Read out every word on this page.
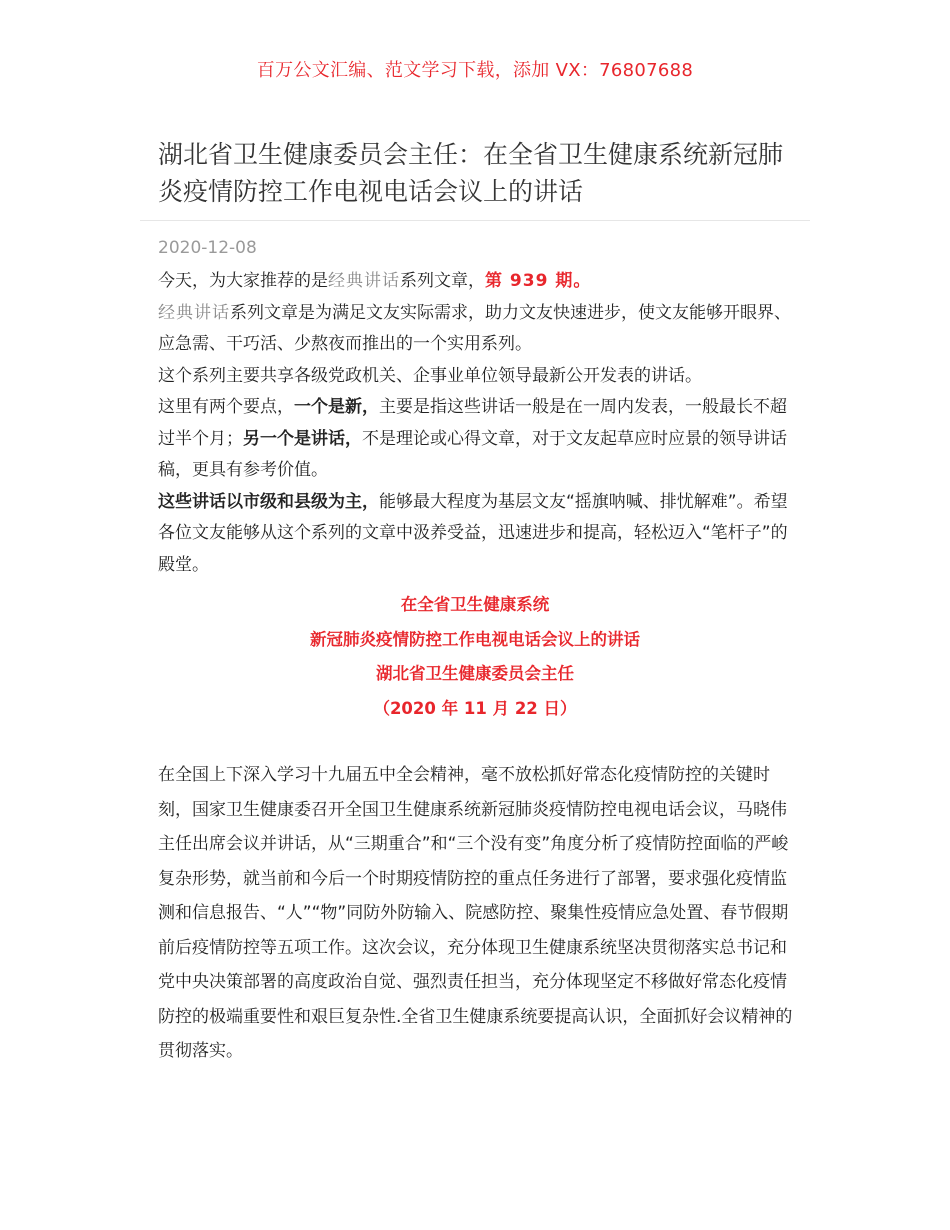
百万公文汇编、范文学习下载，添加 VX：76807688
湖北省卫生健康委员会主任：在全省卫生健康系统新冠肺炎疫情防控工作电视电话会议上的讲话
2020-12-08

今天，为大家推荐的是经典讲话系列文章，第 939 期。

经典讲话系列文章是为满足文友实际需求，助力文友快速进步，使文友能够开眼界、应急需、干巧活、少熬夜而推出的一个实用系列。

这个系列主要共享各级党政机关、企事业单位领导最新公开发表的讲话。

这里有两个要点，一个是新，主要是指这些讲话一般是在一周内发表，一般最长不超过半个月；另一个是讲话，不是理论或心得文章，对于文友起草应时应景的领导讲话稿，更具有参考价值。

这些讲话以市级和县级为主，能够最大程度为基层文友“摇旗呐喊、排忧解难”。希望各位文友能够从这个系列的文章中汲养受益，迅速进步和提高，轻松迈入“笔杆子”的殿堂。

在全省卫生健康系统
新冠肺炎疫情防控工作电视电话会议上的讲话
湖北省卫生健康委员会主任
（2020 年 11 月 22 日）

在全国上下深入学习十九届五中全会精神，毫不放松抓好常态化疫情防控的关键时刻，国家卫生健康委召开全国卫生健康系统新冠肺炎疫情防控电视电话会议，马晓伟主任出席会议并讲话，从“三期重合”和“三个没有变”角度分析了疫情防控面临的严峻复杂形势，就当前和今后一个时期疫情防控的重点任务进行了部署，要求强化疫情监测和信息报告、“人”“物”同防外防输入、院感防控、聚集性疫情应急处置、春节假期前后疫情防控等五项工作。这次会议，充分体现卫生健康系统坚决贯彻落实总书记和党中央决策部署的高度政治自觉、强烈责任担当，充分体现坚定不移做好常态化疫情防控的极端重要性和艰巨复杂性.全省卫生健康系统要提高认识，全面抓好会议精神的贯彻落实。
